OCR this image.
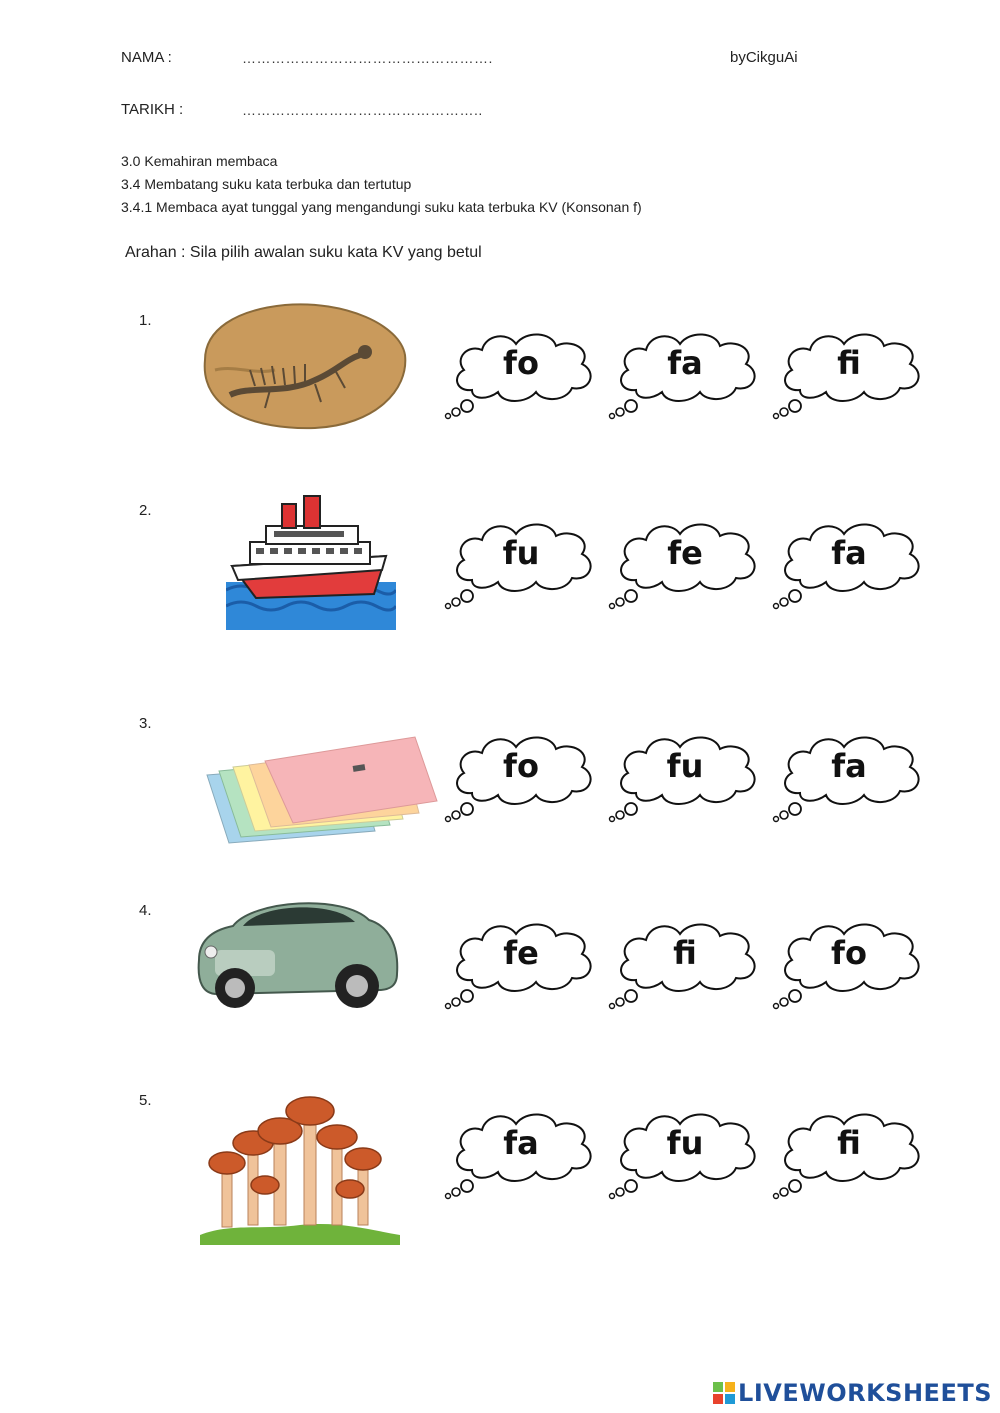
NAMA :	…………………………………………….	byCikguAi
TARIKH :	…………………………………………..
3.0 Kemahiran membaca
3.4 Membatang suku kata terbuka dan tertutup
3.4.1 Membaca ayat tunggal yang mengandungi suku kata terbuka KV (Konsonan f)
Arahan : Sila pilih awalan suku kata KV yang betul
1.
fo	fa	fi
2.
fu	fe	fa
3.
fo	fu	fa
4.
fe	fi	fo
5.
fa	fu	fi
LIVEWORKSHEETS
